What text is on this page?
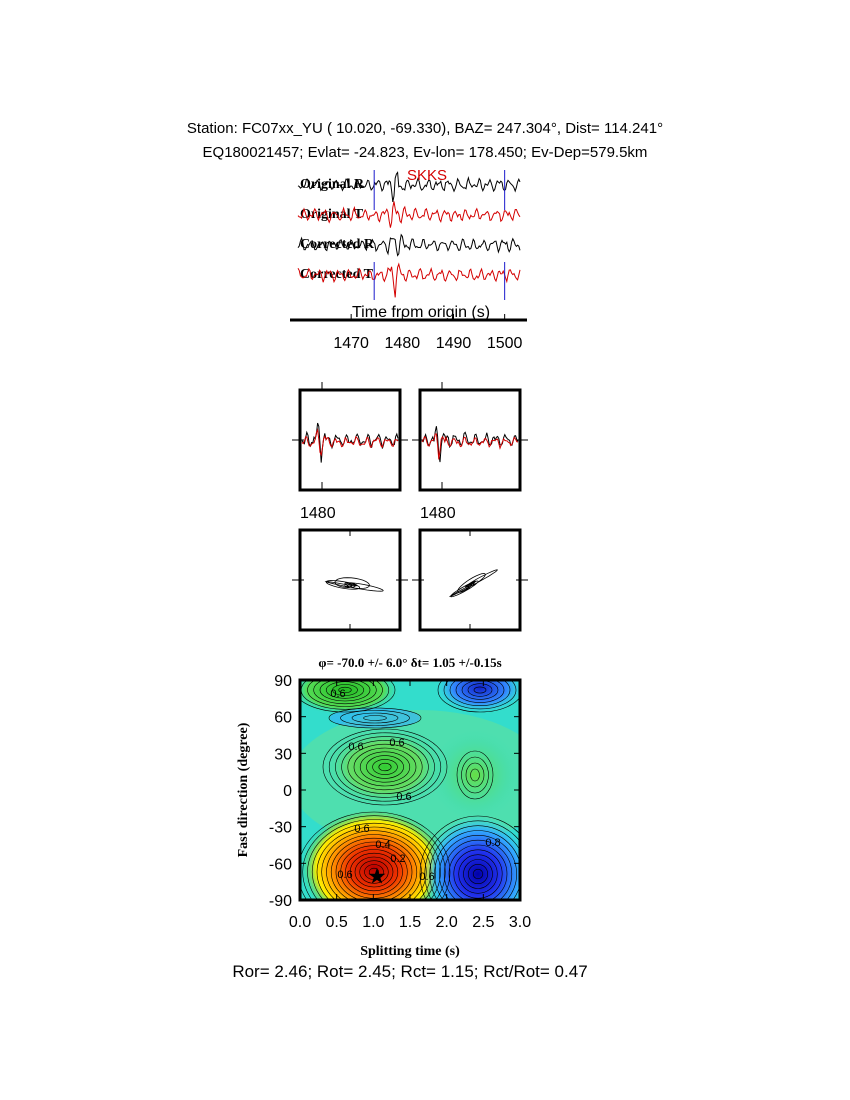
Station: FC07xx_YU ( 10.020, -69.330), BAZ= 247.304°, Dist= 114.241°
EQ180021457; Evlat= -24.823, Ev-lon= 178.450; Ev-Dep=579.5km
Original R
Original T
Corrected R
Corrected T
SKKS
Time from origin (s)
1470 1480 1490 1500
1480	1480
φ= -70.0 +/- 6.0° δt= 1.05 +/-0.15s
0.6
0.6 0.6
0.6
0.6
0.4
0.2
0.6	0.6
0.8
0.0 0.5 1.0 1.5 2.0 2.5 3.0
90
60
30
0
-30
-60
-90
★
Splitting time (s)
Fast direction (degree)
Ror= 2.46; Rot= 2.45; Rct= 1.15; Rct/Rot= 0.47
